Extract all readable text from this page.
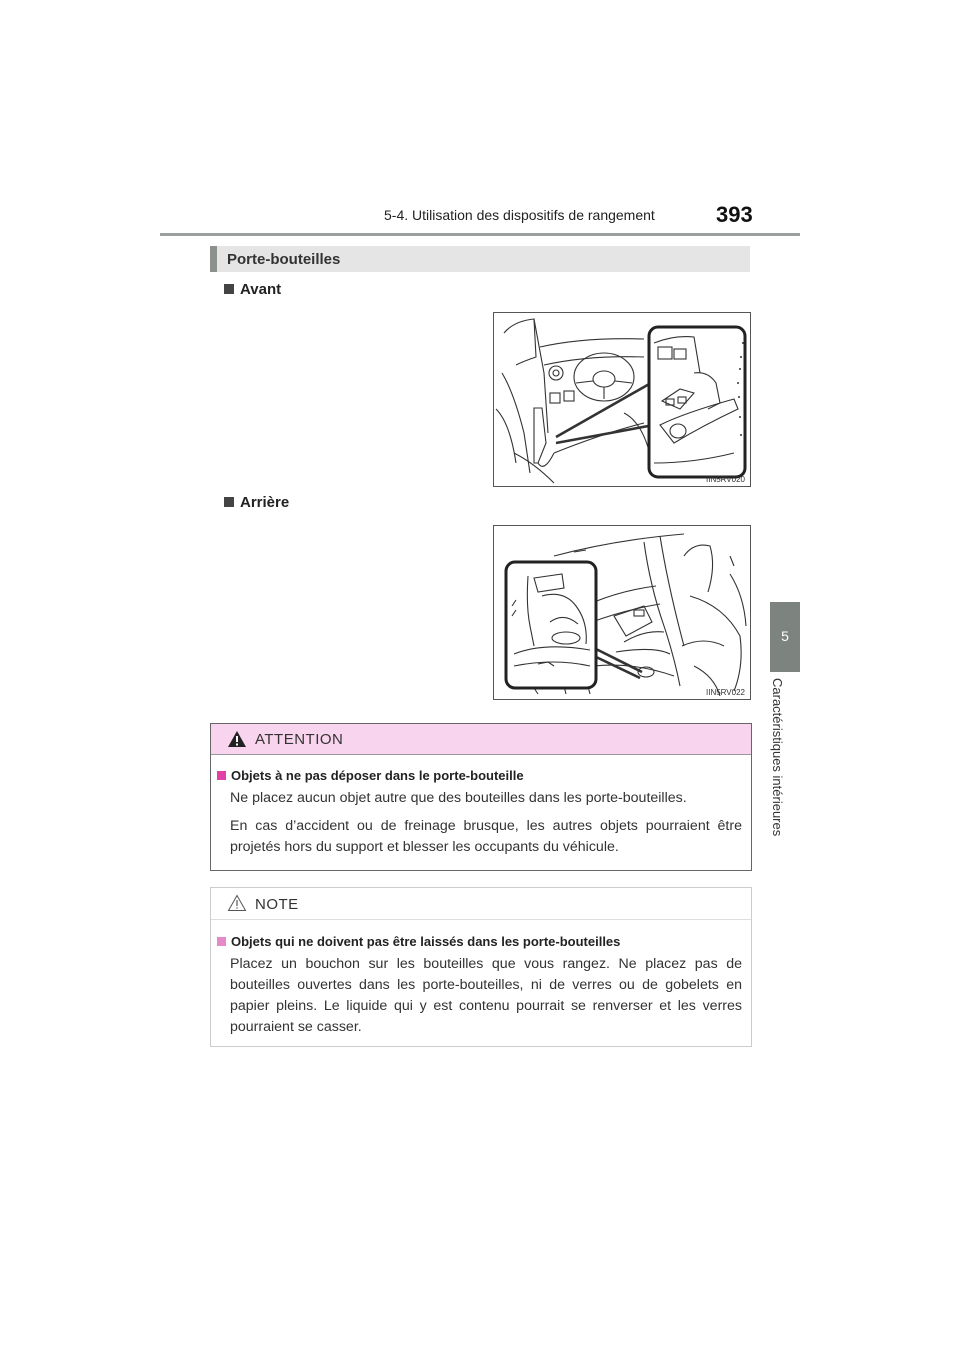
5-4. Utilisation des dispositifs de rangement	393
5
Caractéristiques intérieures
Porte-bouteilles
Avant
IIN5RV020
Arrière
IIN5RV022
ATTENTION
Objets à ne pas déposer dans le porte-bouteille
Ne placez aucun objet autre que des bouteilles dans les porte-bouteilles.
En cas d’accident ou de freinage brusque, les autres objets pourraient être projetés hors du support et blesser les occupants du véhicule.
NOTE
Objets qui ne doivent pas être laissés dans les porte-bouteilles
Placez un bouchon sur les bouteilles que vous rangez. Ne placez pas de bouteilles ouvertes dans les porte-bouteilles, ni de verres ou de gobelets en papier pleins. Le liquide qui y est contenu pourrait se renverser et les verres pourraient se casser.
